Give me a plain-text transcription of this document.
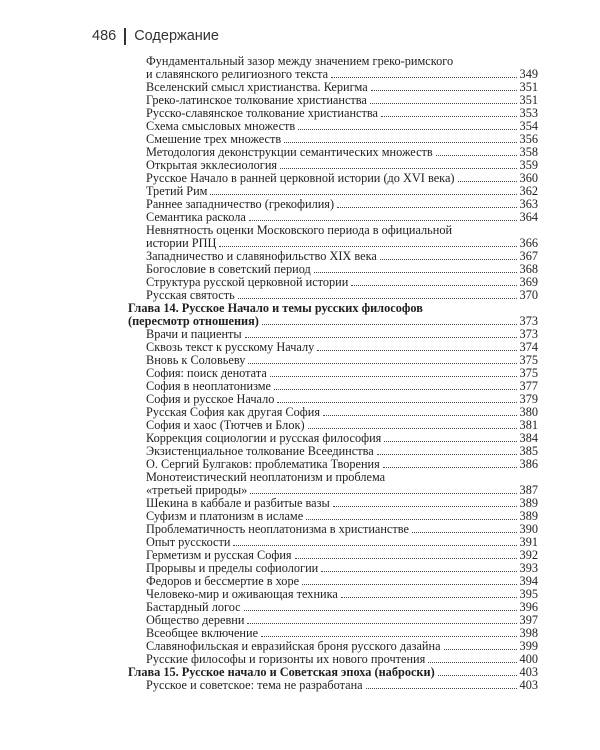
486 Содержание
Фундаментальный зазор между значением греко-римского
и славянского религиозного текста	349
Вселенский смысл христианства. Керигма	351
Греко-латинское толкование христианства	351
Русско-славянское толкование христианства	353
Схема смысловых множеств	354
Смешение трех множеств	356
Методология деконструкции семантических множеств	358
Открытая экклесиология	359
Русское Начало в ранней церковной истории (до XVI века)	360
Третий Рим	362
Раннее западничество (грекофилия)	363
Семантика раскола	364
Невнятность оценки Московского периода в официальной
истории РПЦ	366
Западничество и славянофильство XIX века	367
Богословие в советский период	368
Структура русской церковной истории	369
Русская святость	370
Глава 14. Русское Начало и темы русских философов
(пересмотр отношения)	373
Врачи и пациенты	373
Сквозь текст к русскому Началу	374
Вновь к Соловьеву	375
София: поиск денотата	375
София в неоплатонизме	377
София и русское Начало	379
Русская София как другая София	380
София и хаос (Тютчев и Блок)	381
Коррекция социологии и русская философия	384
Экзистенциальное толкование Всеединства	385
О. Сергий Булгаков: проблематика Творения	386
Монотеистический неоплатонизм и проблема
«третьей природы»	387
Шекина в каббале и разбитые вазы	389
Суфизм и платонизм в исламе	389
Проблематичность неоплатонизма в христианстве	390
Опыт русскости	391
Герметизм и русская София	392
Прорывы и пределы софиологии	393
Федоров и бессмертие в хоре	394
Человеко-мир и оживающая техника	395
Бастардный логос	396
Общество деревни	397
Всеобщее включение	398
Славянофильская и евразийская броня русского дазайна	399
Русские философы и горизонты их нового прочтения	400
Глава 15. Русское начало и Советская эпоха (наброски)	403
Русское и советское: тема не разработана	403
